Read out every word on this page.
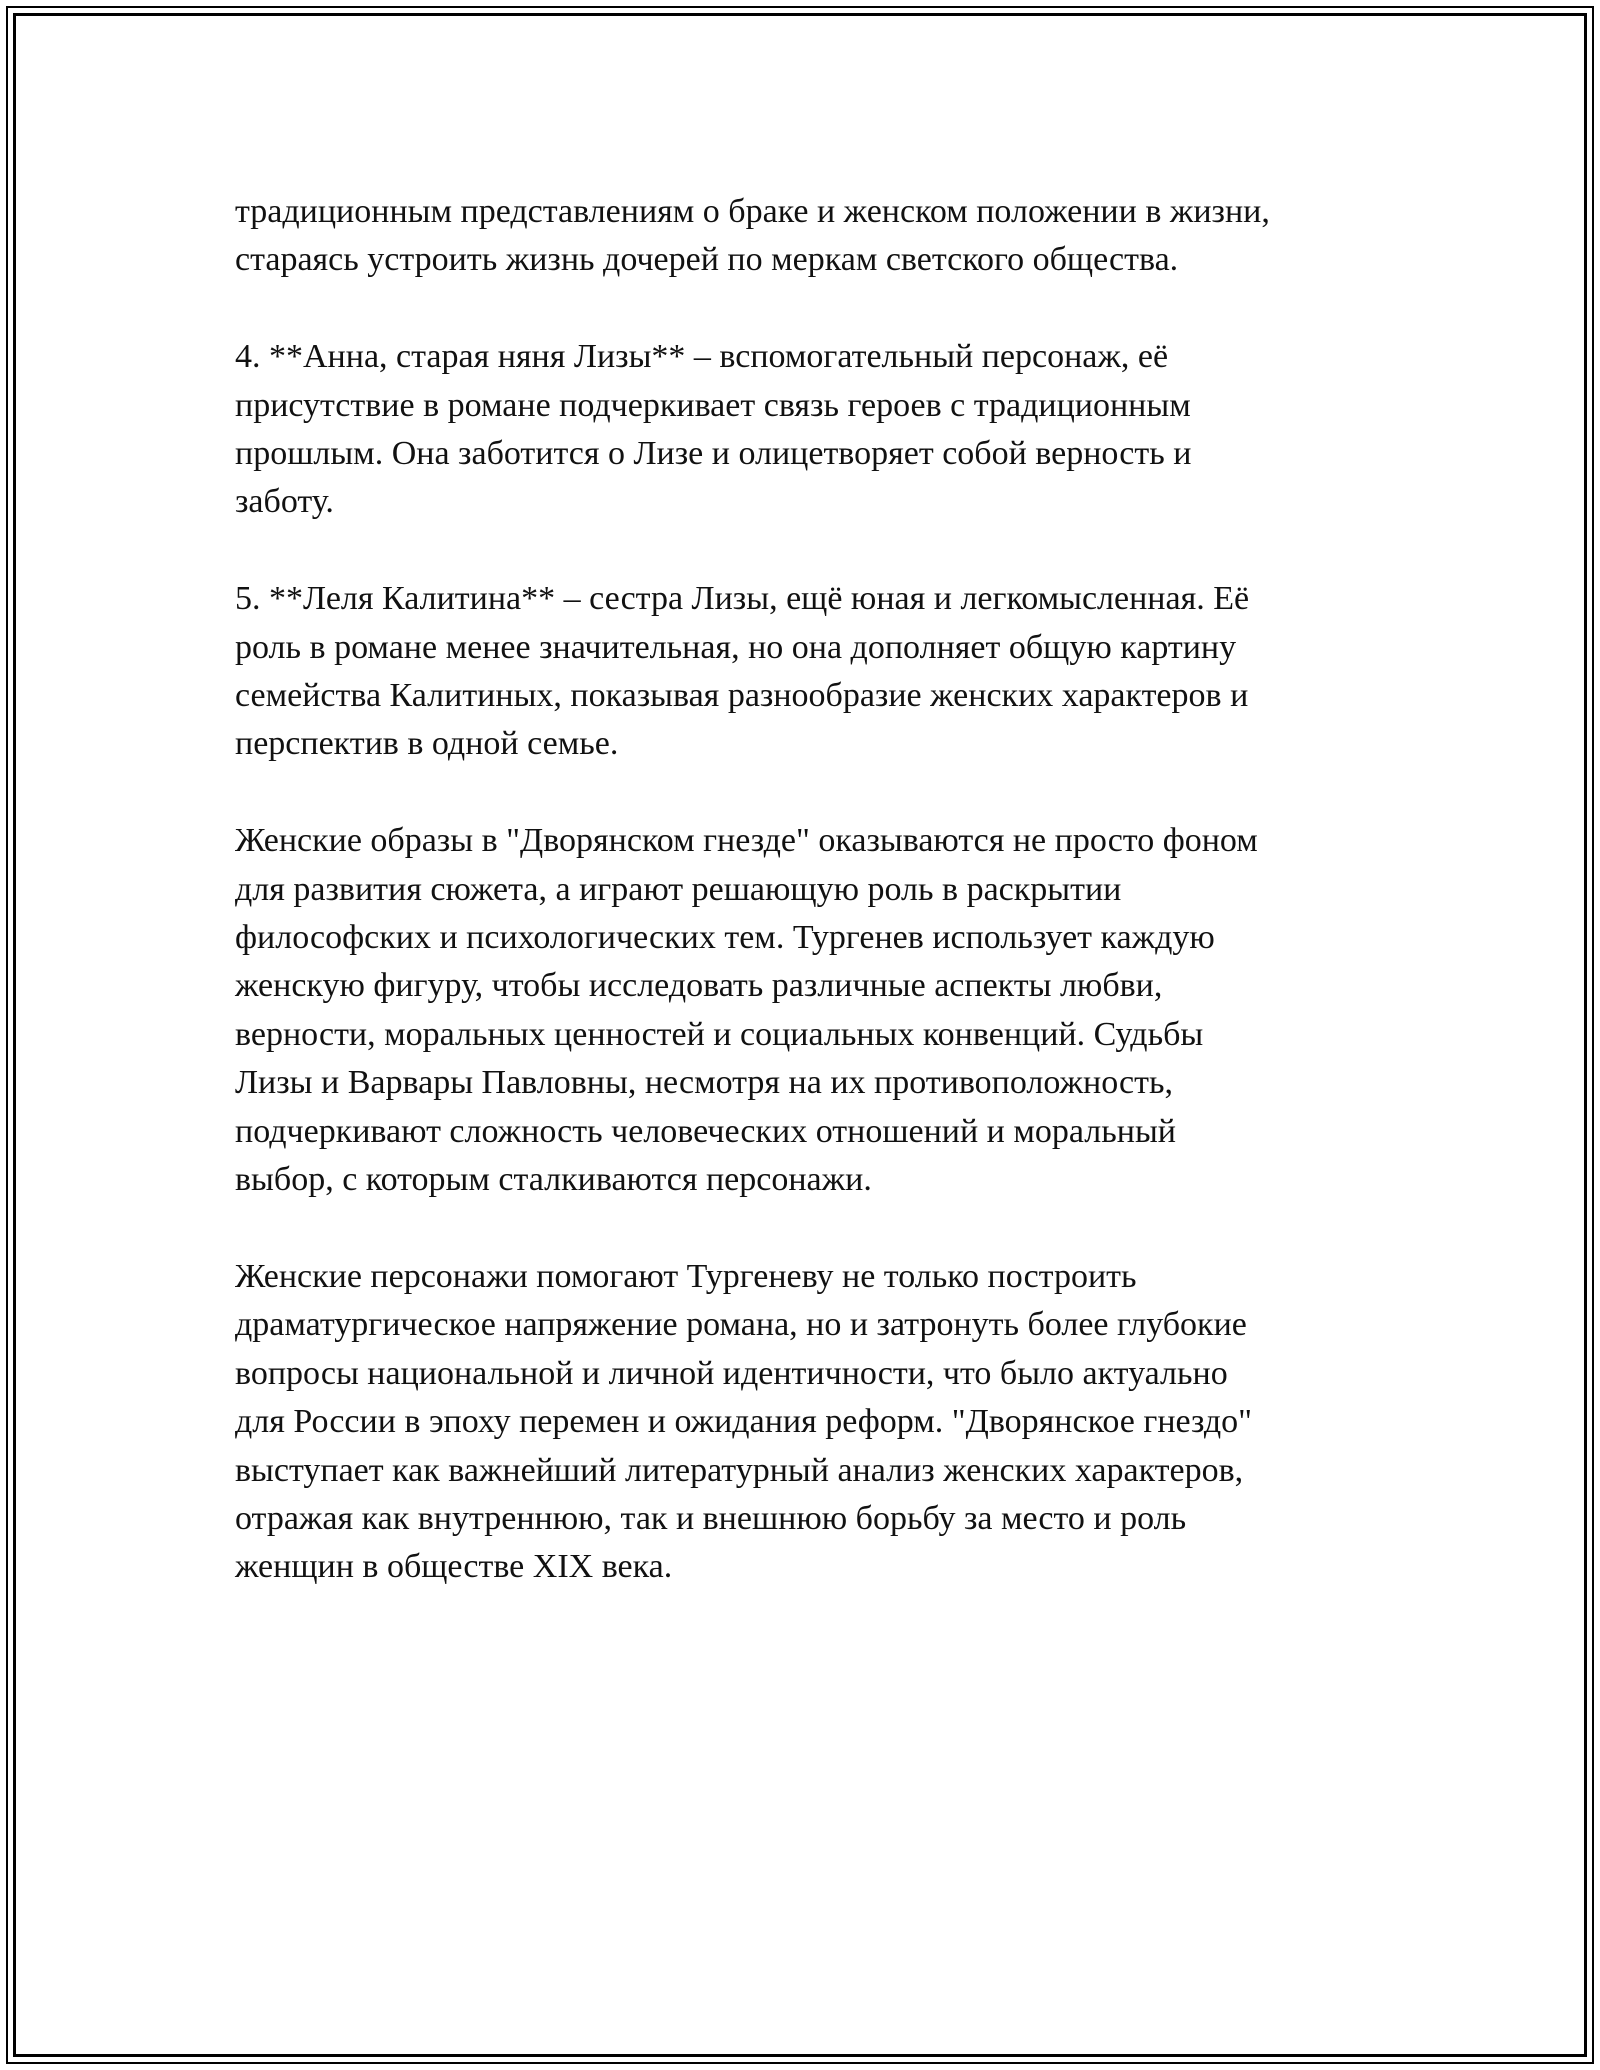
традиционным представлениям о браке и женском положении в жизни,
стараясь устроить жизнь дочерей по меркам светского общества.

4. **Анна, старая няня Лизы** – вспомогательный персонаж, её
присутствие в романе подчеркивает связь героев с традиционным
прошлым. Она заботится о Лизе и олицетворяет собой верность и
заботу.

5. **Леля Калитина** – сестра Лизы, ещё юная и легкомысленная. Её
роль в романе менее значительная, но она дополняет общую картину
семейства Калитиных, показывая разнообразие женских характеров и
перспектив в одной семье.

Женские образы в "Дворянском гнезде" оказываются не просто фоном
для развития сюжета, а играют решающую роль в раскрытии
философских и психологических тем. Тургенев использует каждую
женскую фигуру, чтобы исследовать различные аспекты любви,
верности, моральных ценностей и социальных конвенций. Судьбы
Лизы и Варвары Павловны, несмотря на их противоположность,
подчеркивают сложность человеческих отношений и моральный
выбор, с которым сталкиваются персонажи.

Женские персонажи помогают Тургеневу не только построить
драматургическое напряжение романа, но и затронуть более глубокие
вопросы национальной и личной идентичности, что было актуально
для России в эпоху перемен и ожидания реформ. "Дворянское гнездо"
выступает как важнейший литературный анализ женских характеров,
отражая как внутреннюю, так и внешнюю борьбу за место и роль
женщин в обществе XIX века.
